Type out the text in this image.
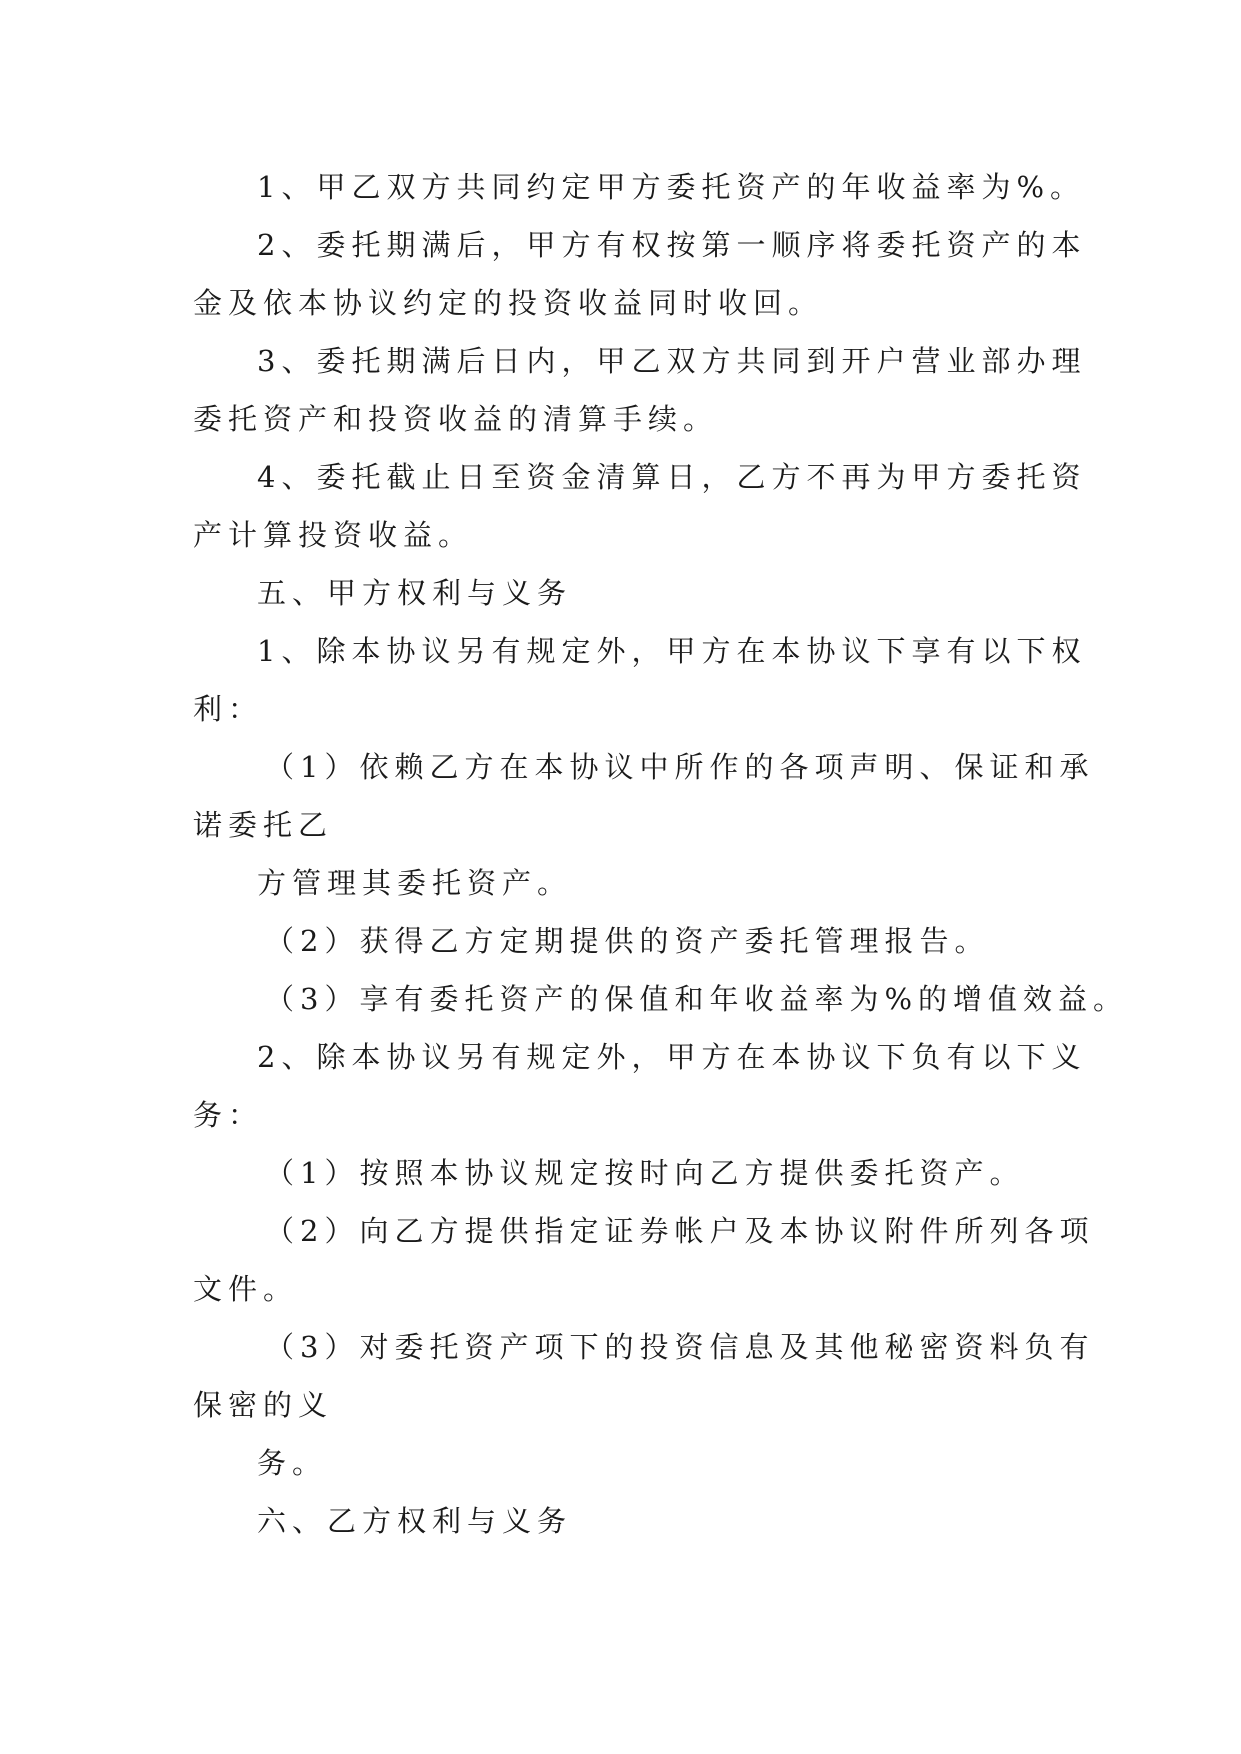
1、甲乙双方共同约定甲方委托资产的年收益率为%。

2、委托期满后，甲方有权按第一顺序将委托资产的本

金及依本协议约定的投资收益同时收回。

3、委托期满后日内，甲乙双方共同到开户营业部办理

委托资产和投资收益的清算手续。

4、委托截止日至资金清算日，乙方不再为甲方委托资

产计算投资收益。

五、甲方权利与义务

1、除本协议另有规定外，甲方在本协议下享有以下权

利：

（1）依赖乙方在本协议中所作的各项声明、保证和承

诺委托乙

方管理其委托资产。

（2）获得乙方定期提供的资产委托管理报告。

（3）享有委托资产的保值和年收益率为%的增值效益。

2、除本协议另有规定外，甲方在本协议下负有以下义

务：

（1）按照本协议规定按时向乙方提供委托资产。

（2）向乙方提供指定证券帐户及本协议附件所列各项

文件。

（3）对委托资产项下的投资信息及其他秘密资料负有

保密的义

务。

六、乙方权利与义务
